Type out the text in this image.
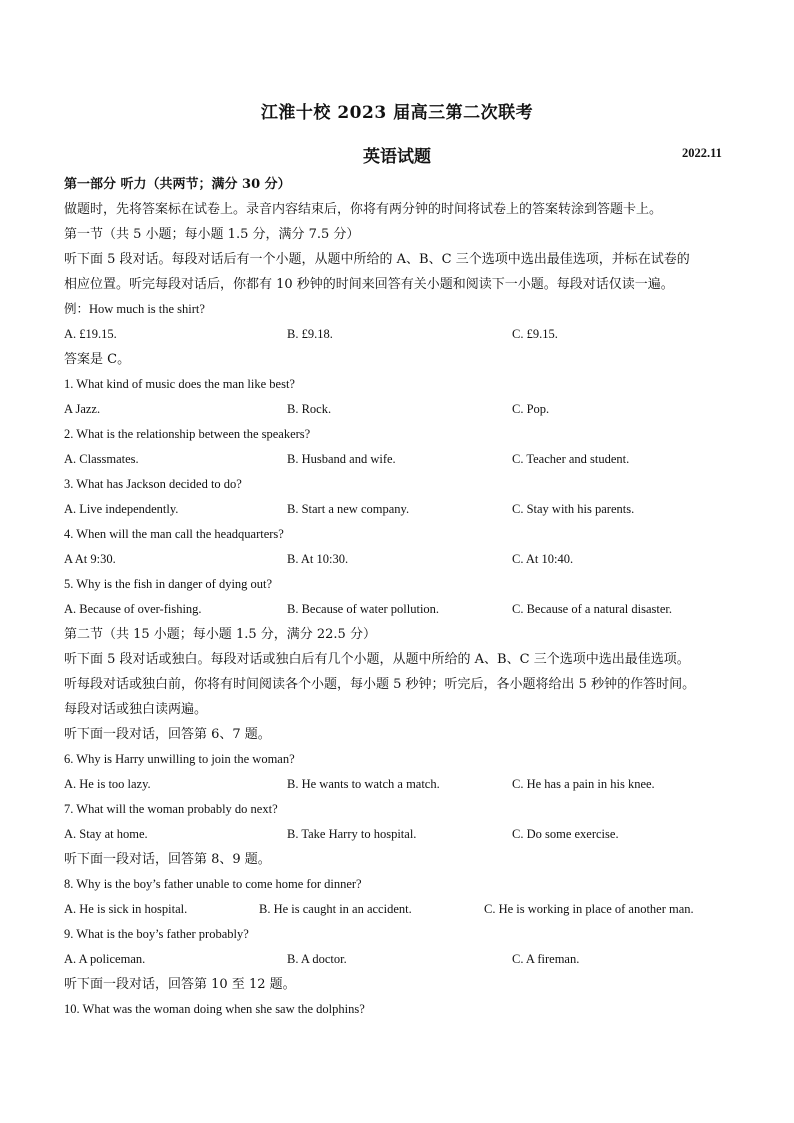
江淮十校 2023 届高三第二次联考
英语试题	2022.11
第一部分 听力（共两节；满分 30 分）
做题时，先将答案标在试卷上。录音内容结束后，你将有两分钟的时间将试卷上的答案转涂到答题卡上。
第一节（共 5 小题；每小题 1.5 分，满分 7.5 分）
听下面 5 段对话。每段对话后有一个小题，从题中所给的 A、B、C 三个选项中选出最佳选项，并标在试卷的
相应位置。听完每段对话后，你都有 10 秒钟的时间来回答有关小题和阅读下一小题。每段对话仅读一遍。
例：How much is the shirt?
A. £19.15.	B. £9.18.	C. £9.15.
答案是 C。
1. What kind of music does the man like best?
A Jazz.	B. Rock.	C. Pop.
2. What is the relationship between the speakers?
A. Classmates.	B. Husband and wife.	C. Teacher and student.
3. What has Jackson decided to do?
A. Live independently.	B. Start a new company.	C. Stay with his parents.
4. When will the man call the headquarters?
A At 9:30.	B. At 10:30.	C. At 10:40.
5. Why is the fish in danger of dying out?
A. Because of over-fishing.	B. Because of water pollution.	C. Because of a natural disaster.
第二节（共 15 小题；每小题 1.5 分，满分 22.5 分）
听下面 5 段对话或独白。每段对话或独白后有几个小题，从题中所给的 A、B、C 三个选项中选出最佳选项。
听每段对话或独白前，你将有时间阅读各个小题，每小题 5 秒钟；听完后，各小题将给出 5 秒钟的作答时间。
每段对话或独白读两遍。
听下面一段对话，回答第 6、7 题。
6. Why is Harry unwilling to join the woman?
A. He is too lazy.	B. He wants to watch a match.	C. He has a pain in his knee.
7. What will the woman probably do next?
A. Stay at home.	B. Take Harry to hospital.	C. Do some exercise.
听下面一段对话，回答第 8、9 题。
8. Why is the boy’s father unable to come home for dinner?
A. He is sick in hospital.	B. He is caught in an accident.	C. He is working in place of another man.
9. What is the boy’s father probably?
A. A policeman.	B. A doctor.	C. A fireman.
听下面一段对话，回答第 10 至 12 题。
10. What was the woman doing when she saw the dolphins?
